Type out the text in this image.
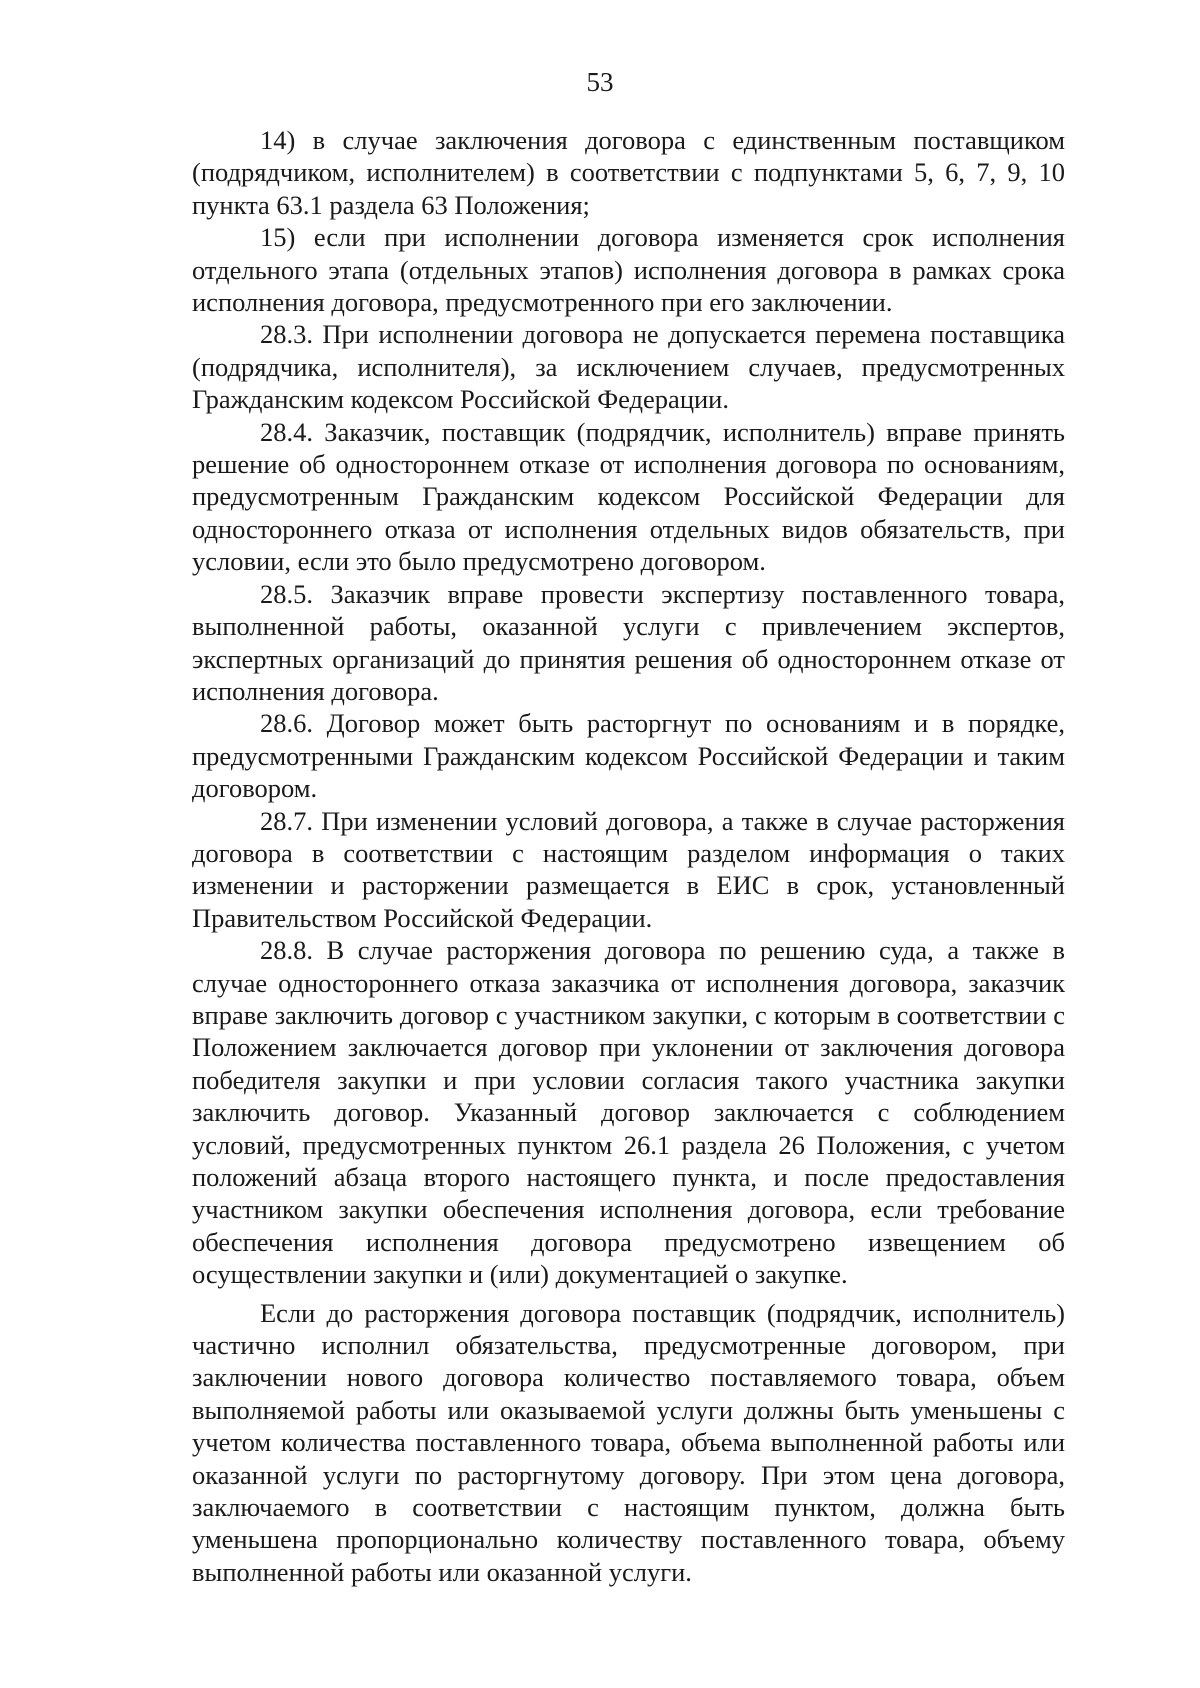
53

14) в случае заключения договора с единственным поставщиком (подрядчиком, исполнителем) в соответствии с подпунктами 5, 6, 7, 9, 10 пункта 63.1 раздела 63 Положения;

15) если при исполнении договора изменяется срок исполнения отдельного этапа (отдельных этапов) исполнения договора в рамках срока исполнения договора, предусмотренного при его заключении.

28.3. При исполнении договора не допускается перемена поставщика (подрядчика, исполнителя), за исключением случаев, предусмотренных Гражданским кодексом Российской Федерации.

28.4. Заказчик, поставщик (подрядчик, исполнитель) вправе принять решение об одностороннем отказе от исполнения договора по основаниям, предусмотренным Гражданским кодексом Российской Федерации для одностороннего отказа от исполнения отдельных видов обязательств, при условии, если это было предусмотрено договором.

28.5. Заказчик вправе провести экспертизу поставленного товара, выполненной работы, оказанной услуги с привлечением экспертов, экспертных организаций до принятия решения об одностороннем отказе от исполнения договора.

28.6. Договор может быть расторгнут по основаниям и в порядке, предусмотренными Гражданским кодексом Российской Федерации и таким договором.

28.7. При изменении условий договора, а также в случае расторжения договора в соответствии с настоящим разделом информация о таких изменении и расторжении размещается в ЕИС в срок, установленный Правительством Российской Федерации.

28.8. В случае расторжения договора по решению суда, а также в случае одностороннего отказа заказчика от исполнения договора, заказчик вправе заключить договор с участником закупки, с которым в соответствии с Положением заключается договор при уклонении от заключения договора победителя закупки и при условии согласия такого участника закупки заключить договор. Указанный договор заключается с соблюдением условий, предусмотренных пунктом 26.1 раздела 26 Положения, с учетом положений абзаца второго настоящего пункта, и после предоставления участником закупки обеспечения исполнения договора, если требование обеспечения исполнения договора предусмотрено извещением об осуществлении закупки и (или) документацией о закупке.

Если до расторжения договора поставщик (подрядчик, исполнитель) частично исполнил обязательства, предусмотренные договором, при заключении нового договора количество поставляемого товара, объем выполняемой работы или оказываемой услуги должны быть уменьшены с учетом количества поставленного товара, объема выполненной работы или оказанной услуги по расторгнутому договору. При этом цена договора, заключаемого в соответствии с настоящим пунктом, должна быть уменьшена пропорционально количеству поставленного товара, объему выполненной работы или оказанной услуги.
